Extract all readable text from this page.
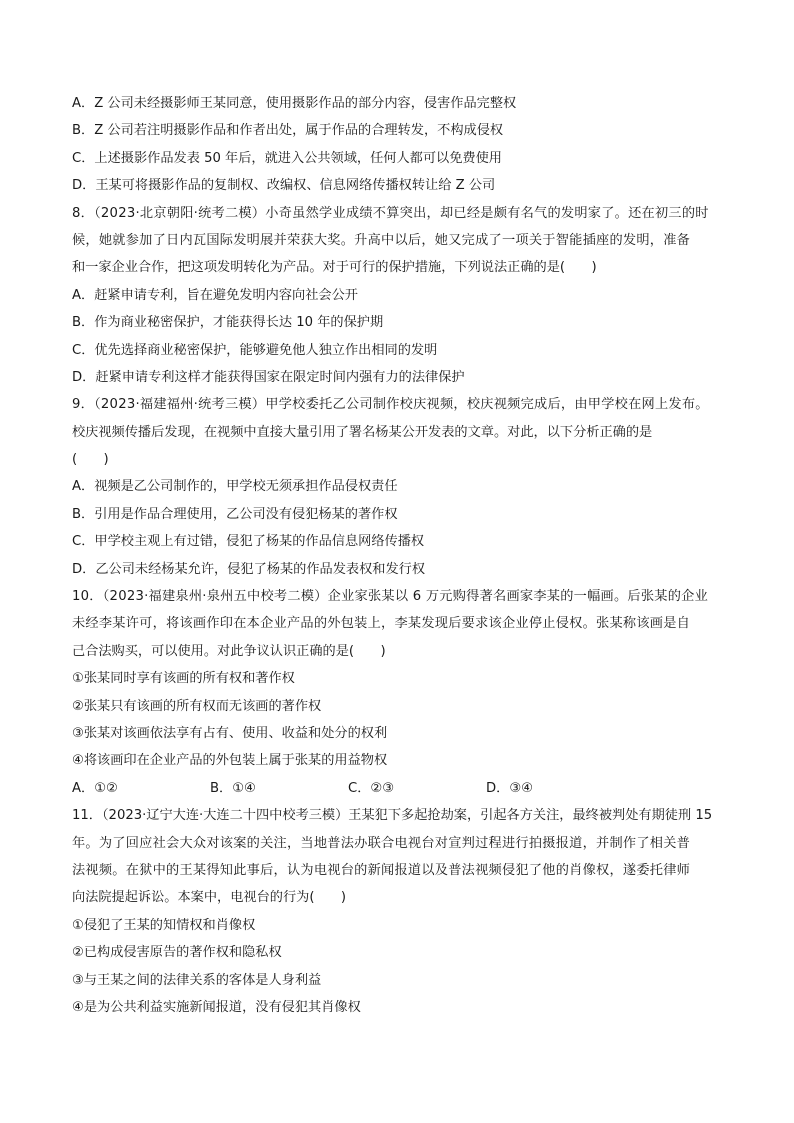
A．Z 公司未经摄影师王某同意，使用摄影作品的部分内容，侵害作品完整权
B．Z 公司若注明摄影作品和作者出处，属于作品的合理转发，不构成侵权
C．上述摄影作品发表 50 年后，就进入公共领域，任何人都可以免费使用
D．王某可将摄影作品的复制权、改编权、信息网络传播权转让给 Z 公司
8．（2023·北京朝阳·统考二模）小奇虽然学业成绩不算突出，却已经是颇有名气的发明家了。还在初三的时
候，她就参加了日内瓦国际发明展并荣获大奖。升高中以后，她又完成了一项关于智能插座的发明，准备
和一家企业合作，把这项发明转化为产品。对于可行的保护措施，下列说法正确的是(　　)
A．赶紧申请专利，旨在避免发明内容向社会公开
B．作为商业秘密保护，才能获得长达 10 年的保护期
C．优先选择商业秘密保护，能够避免他人独立作出相同的发明
D．赶紧申请专利这样才能获得国家在限定时间内强有力的法律保护
9．（2023·福建福州·统考三模）甲学校委托乙公司制作校庆视频，校庆视频完成后，由甲学校在网上发布。
校庆视频传播后发现，在视频中直接大量引用了署名杨某公开发表的文章。对此，以下分析正确的是
(　　)
A．视频是乙公司制作的，甲学校无须承担作品侵权责任
B．引用是作品合理使用，乙公司没有侵犯杨某的著作权
C．甲学校主观上有过错，侵犯了杨某的作品信息网络传播权
D．乙公司未经杨某允许，侵犯了杨某的作品发表权和发行权
10．（2023·福建泉州·泉州五中校考二模）企业家张某以 6 万元购得著名画家李某的一幅画。后张某的企业
未经李某许可，将该画作印在本企业产品的外包装上，李某发现后要求该企业停止侵权。张某称该画是自
己合法购买，可以使用。对此争议认识正确的是(　　)
①张某同时享有该画的所有权和著作权
②张某只有该画的所有权而无该画的著作权
③张某对该画依法享有占有、使用、收益和处分的权利
④将该画印在企业产品的外包装上属于张某的用益物权
A．①②	B．①④	C．②③	D．③④
11．（2023·辽宁大连·大连二十四中校考三模）王某犯下多起抢劫案，引起各方关注，最终被判处有期徒刑 15
年。为了回应社会大众对该案的关注，当地普法办联合电视台对宣判过程进行拍摄报道，并制作了相关普
法视频。在狱中的王某得知此事后，认为电视台的新闻报道以及普法视频侵犯了他的肖像权，遂委托律师
向法院提起诉讼。本案中，电视台的行为(　　)
①侵犯了王某的知情权和肖像权
②已构成侵害原告的著作权和隐私权
③与王某之间的法律关系的客体是人身利益
④是为公共利益实施新闻报道，没有侵犯其肖像权
